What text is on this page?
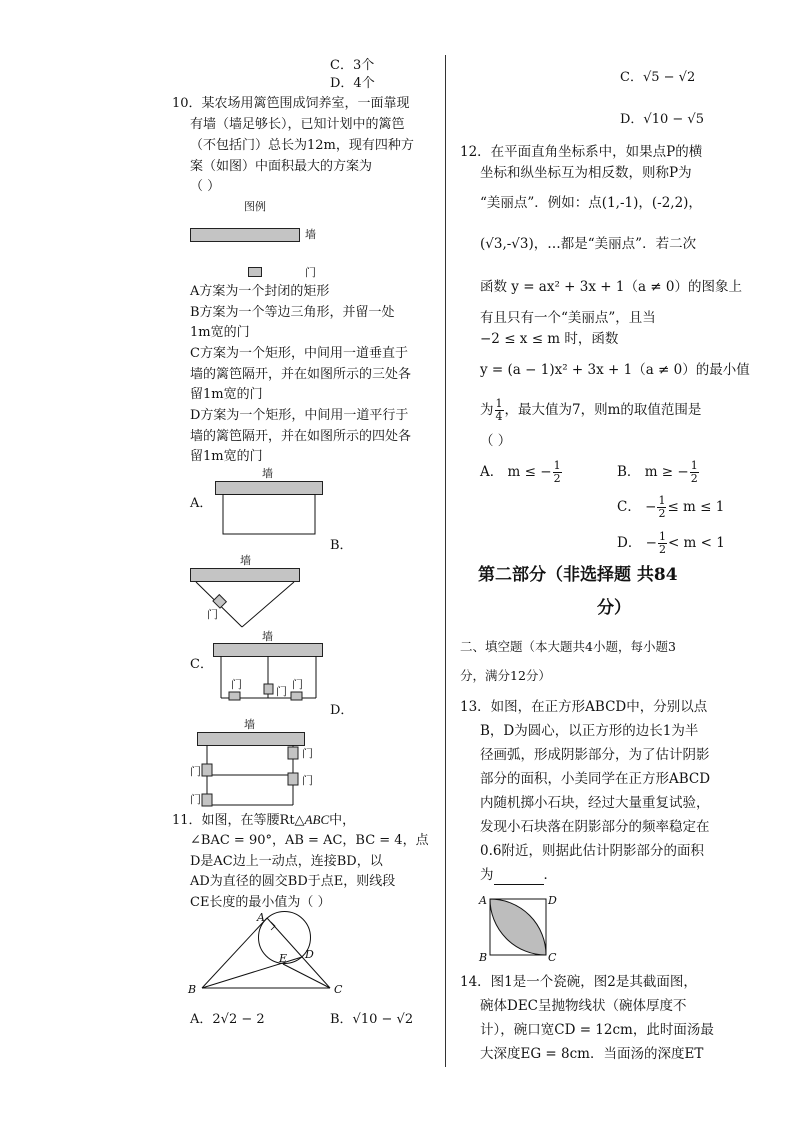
C．3个
D．4个
10．某农场用篱笆围成饲养室，一面靠现
有墙（墙足够长），已知计划中的篱笆
（不包括门）总长为12m，现有四种方
案（如图）中面积最大的方案为
（ ）
图例
墙
门
A方案为一个封闭的矩形
B方案为一个等边三角形，并留一处
1m宽的门
C方案为一个矩形，中间用一道垂直于
墙的篱笆隔开，并在如图所示的三处各
留1m宽的门
D方案为一个矩形，中间用一道平行于
墙的篱笆隔开，并在如图所示的四处各
留1m宽的门
墙
A．
B．
墙
门
墙
C．
门
门
门
D．
墙
门
门
门
门
11．如图，在等腰Rt△ABC中，
∠BAC = 90°，AB = AC，BC = 4，点
D是AC边上一动点，连接BD，以
AD为直径的圆交BD于点E，则线段
CE长度的最小值为（ ）
A
B	C
D
E
A．2√2 − 2	B．√10 − √2
C．√5 − √2
D．√10 − √5
12．在平面直角坐标系中，如果点P的横
坐标和纵坐标互为相反数，则称P为
“美丽点”．例如：点(1,-1)，(-2,2)，
(√3,-√3)，…都是“美丽点”．若二次
函数 y = ax² + 3x + 1（a ≠ 0）的图象上
有且只有一个“美丽点”，且当
−2 ≤ x ≤ m 时，函数
y = (a − 1)x² + 3x + 1（a ≠ 0）的最小值
为 $\frac{1}{4}$ ，最大值为7，则m的取值范围是
（ ）
A． m ≤ − $\frac{1}{2}$	B． m ≥ − $\frac{1}{2}$
C． − $\frac{1}{2} \le m \le 1$
D． − $\frac{1}{2} < m < 1$
第二部分（非选择题 共84
分）
二、填空题（本大题共4小题，每小题3
分，满分12分）
13．如图，在正方形ABCD中，分别以点
B，D为圆心，以正方形的边长1为半
径画弧，形成阴影部分，为了估计阴影
部分的面积，小美同学在正方形ABCD
内随机掷小石块，经过大量重复试验，
发现小石块落在阴影部分的频率稳定在
0.6附近，则据此估计阴影部分的面积
为	．
A	D
B	C
14．图1是一个瓷碗，图2是其截面图，
碗体DEC呈抛物线状（碗体厚度不
计），碗口宽CD = 12cm，此时面汤最
大深度EG = 8cm．当面汤的深度ET
